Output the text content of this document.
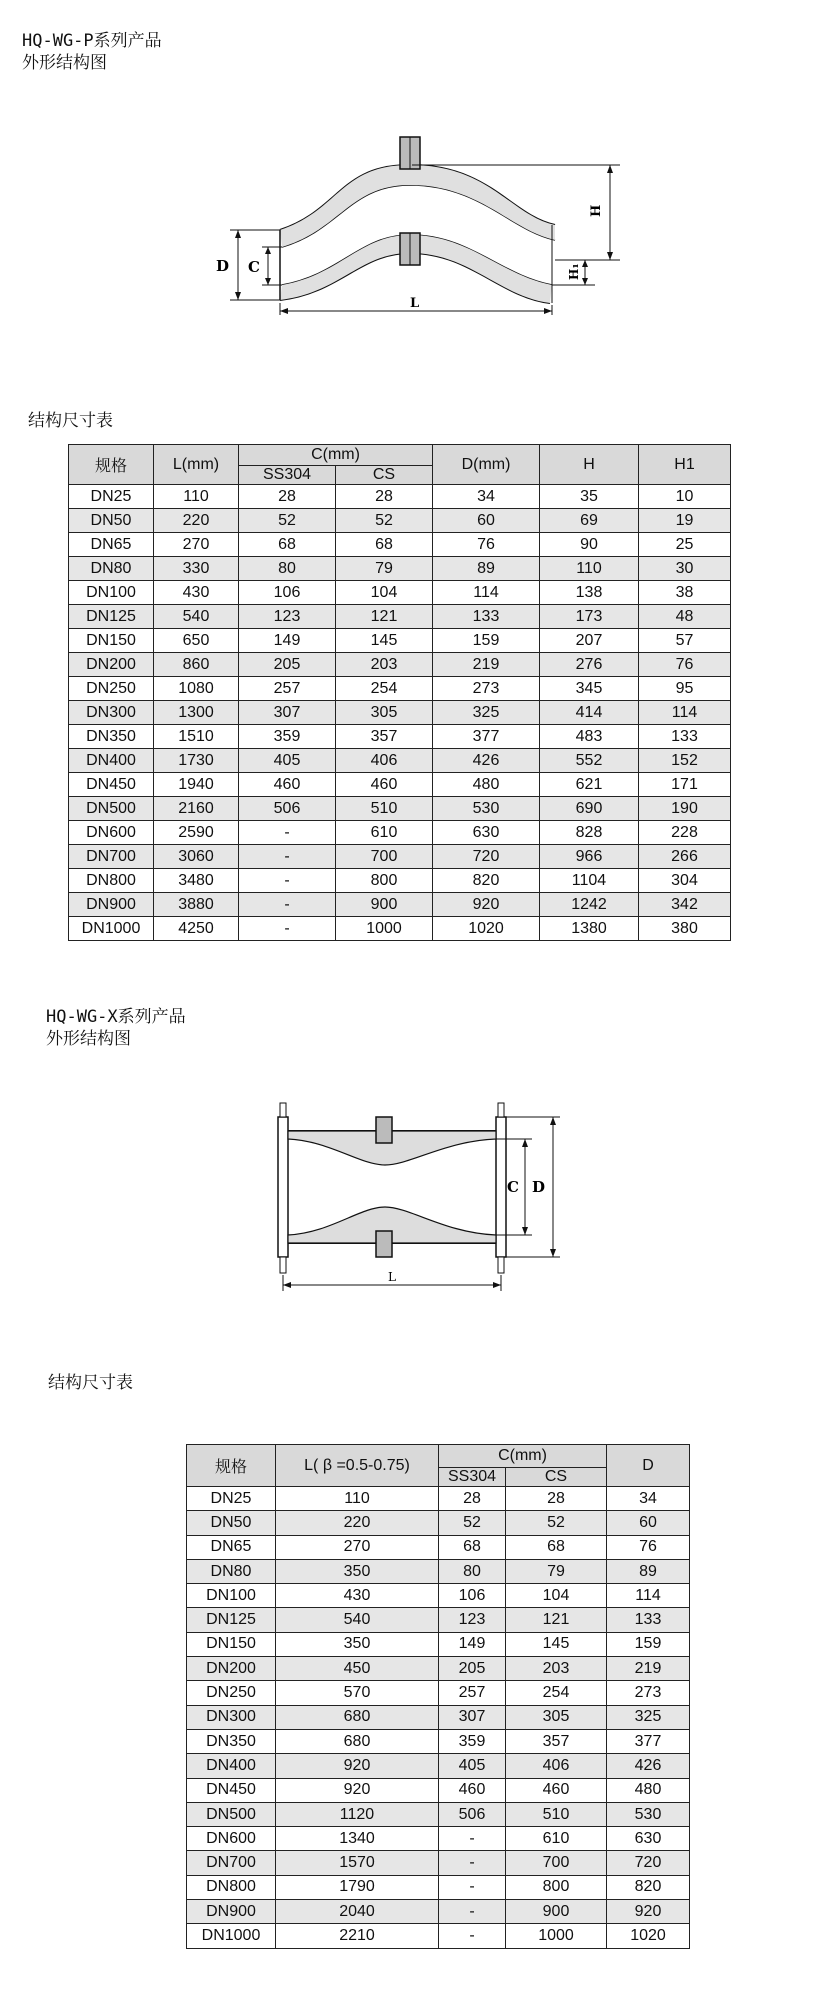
HQ-WG-P系列产品
外形结构图
D C
L
H
H₁
结构尺寸表
规格	L(mm)	C(mm)		D(mm)	H	H1
		SS304	CS			
DN25	110	28	28	34	35	10
DN50	220	52	52	60	69	19
DN65	270	68	68	76	90	25
DN80	330	80	79	89	110	30
DN100	430	106	104	114	138	38
DN125	540	123	121	133	173	48
DN150	650	149	145	159	207	57
DN200	860	205	203	219	276	76
DN250	1080	257	254	273	345	95
DN300	1300	307	305	325	414	114
DN350	1510	359	357	377	483	133
DN400	1730	405	406	426	552	152
DN450	1940	460	460	480	621	171
DN500	2160	506	510	530	690	190
DN600	2590	-	610	630	828	228
DN700	3060	-	700	720	966	266
DN800	3480	-	800	820	1104	304
DN900	3880	-	900	920	1242	342
DN1000	4250	-	1000	1020	1380	380
HQ-WG-X系列产品
外形结构图
C D
L
结构尺寸表
规格	L( β =0.5-0.75)	C(mm)		D
		SS304	CS	
DN25	110	28	28	34
DN50	220	52	52	60
DN65	270	68	68	76
DN80	350	80	79	89
DN100	430	106	104	114
DN125	540	123	121	133
DN150	350	149	145	159
DN200	450	205	203	219
DN250	570	257	254	273
DN300	680	307	305	325
DN350	680	359	357	377
DN400	920	405	406	426
DN450	920	460	460	480
DN500	1120	506	510	530
DN600	1340	-	610	630
DN700	1570	-	700	720
DN800	1790	-	800	820
DN900	2040	-	900	920
DN1000	2210	-	1000	1020
